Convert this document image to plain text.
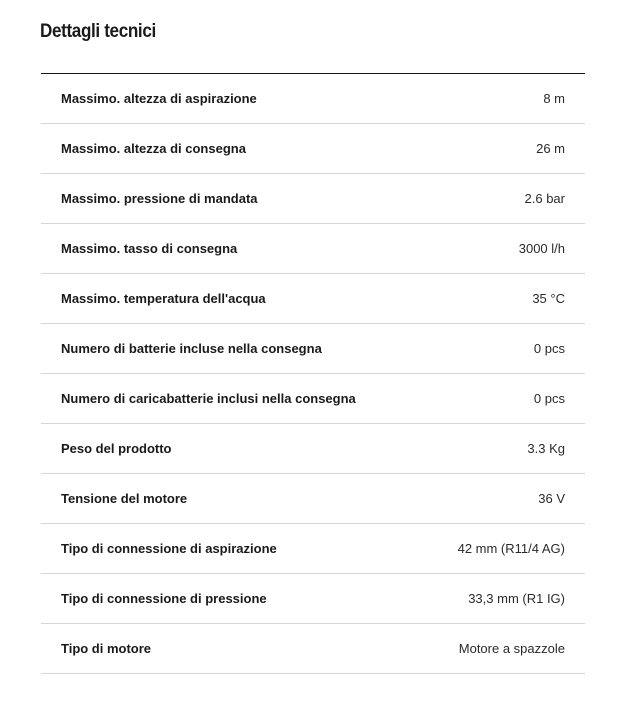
Dettagli tecnici
Massimo. altezza di aspirazione	8 m
Massimo. altezza di consegna	26 m
Massimo. pressione di mandata	2.6 bar
Massimo. tasso di consegna	3000 l/h
Massimo. temperatura dell'acqua	35 °C
Numero di batterie incluse nella consegna	0 pcs
Numero di caricabatterie inclusi nella consegna	0 pcs
Peso del prodotto	3.3 Kg
Tensione del motore	36 V
Tipo di connessione di aspirazione	42 mm (R11/4 AG)
Tipo di connessione di pressione	33,3 mm (R1 IG)
Tipo di motore	Motore a spazzole
